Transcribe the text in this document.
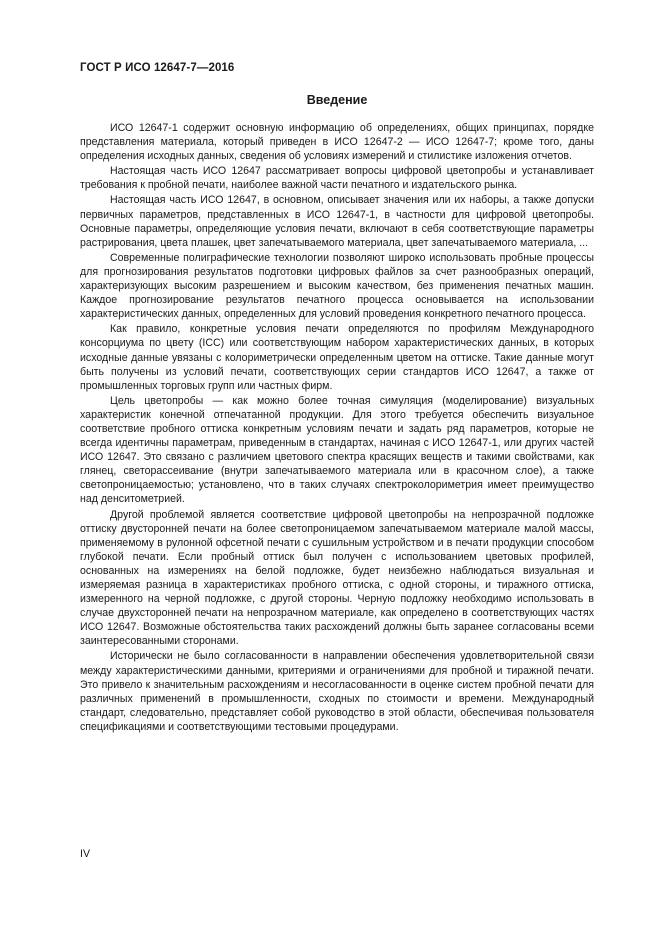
ГОСТ Р ИСО 12647-7—2016
Введение

ИСО 12647-1 содержит основную информацию об определениях, общих принципах, порядке представления материала, который приведен в ИСО 12647-2 — ИСО 12647-7; кроме того, даны определения исходных данных, сведения об условиях измерений и стилистике изложения отчетов.

Настоящая часть ИСО 12647 рассматривает вопросы цифровой цветопробы и устанавливает требования к пробной печати, наиболее важной части печатного и издательского рынка.

Настоящая часть ИСО 12647, в основном, описывает значения или их наборы, а также допуски первичных параметров, представленных в ИСО 12647-1, в частности для цифровой цветопробы. Основные параметры, определяющие условия печати, включают в себя соответствующие параметры растрирования, цвета плашек, цвет запечатываемого материала, цвет запечатываемого материала, ...

Современные полиграфические технологии позволяют широко использовать пробные процессы для прогнозирования результатов подготовки цифровых файлов за счет разнообразных операций, характеризующих высоким разрешением и высоким качеством, без применения печатных машин. Каждое прогнозирование результатов печатного процесса основывается на использовании характеристических данных, определенных для условий проведения конкретного печатного процесса.

Как правило, конкретные условия печати определяются по профилям Международного консорциума по цвету (ICC) или соответствующим набором характеристических данных, в которых исходные данные увязаны с колориметрически определенным цветом на оттиске. Такие данные могут быть получены из условий печати, соответствующих серии стандартов ИСО 12647, а также от промышленных торговых групп или частных фирм.

Цель цветопробы — как можно более точная симуляция (моделирование) визуальных характеристик конечной отпечатанной продукции. Для этого требуется обеспечить визуальное соответствие пробного оттиска конкретным условиям печати и задать ряд параметров, которые не всегда идентичны параметрам, приведенным в стандартах, начиная с ИСО 12647-1, или других частей ИСО 12647. Это связано с различием цветового спектра красящих веществ и такими свойствами, как глянец, светорассеивание (внутри запечатываемого материала или в красочном слое), а также светопроницаемостью; установлено, что в таких случаях спектроколориметрия имеет преимущество над денситометрией.

Другой проблемой является соответствие цифровой цветопробы на непрозрачной подложке оттиску двусторонней печати на более светопроницаемом запечатываемом материале малой массы, применяемому в рулонной офсетной печати с сушильным устройством и в печати продукции способом глубокой печати. Если пробный оттиск был получен с использованием цветовых профилей, основанных на измерениях на белой подложке, будет неизбежно наблюдаться визуальная и измеряемая разница в характеристиках пробного оттиска, с одной стороны, и тиражного оттиска, измеренного на черной подложке, с другой стороны. Черную подложку необходимо использовать в случае двухсторонней печати на непрозрачном материале, как определено в соответствующих частях ИСО 12647. Возможные обстоятельства таких расхождений должны быть заранее согласованы всеми заинтересованными сторонами.

Исторически не было согласованности в направлении обеспечения удовлетворительной связи между характеристическими данными, критериями и ограничениями для пробной и тиражной печати. Это привело к значительным расхождениям и несогласованности в оценке систем пробной печати для различных применений в промышленности, сходных по стоимости и времени. Международный стандарт, следовательно, представляет собой руководство в этой области, обеспечивая пользователя спецификациями и соответствующими тестовыми процедурами.

IV
